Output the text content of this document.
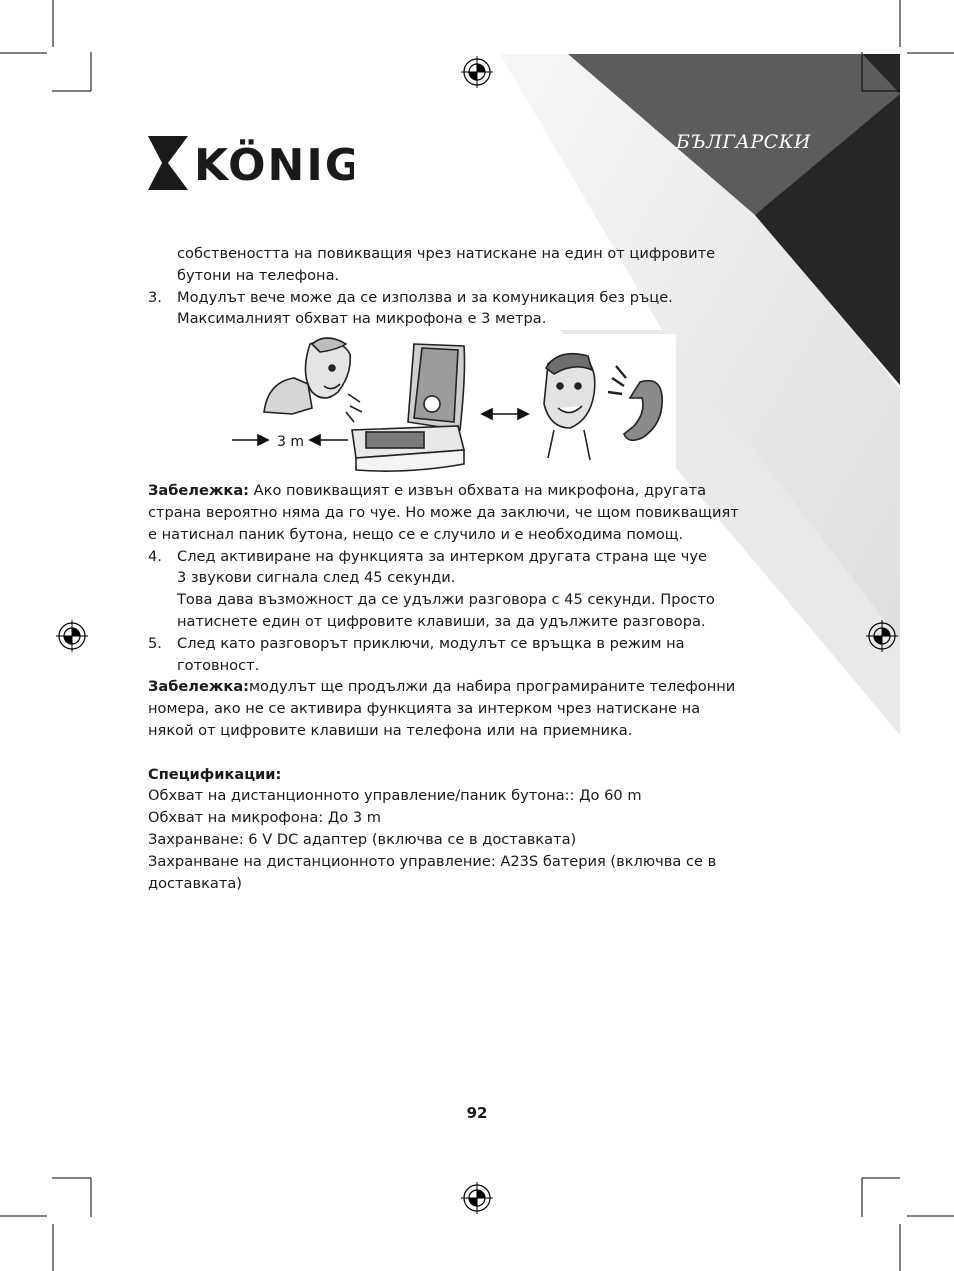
БЪЛГАРСКИ
KÖNIG

собствеността на повикващия чрез натискане на един от цифровите

бутони на телефона.

3. Модулът вече може да се използва и за комуникация без ръце.

Максималният обхват на микрофона е 3 метра.

Забележка: Ако повикващият е извън обхвата на микрофона, другата

страна вероятно няма да го чуе. Но може да заключи, че щом повикващият

е натиснал паник бутона, нещо се е случило и е необходима помощ.

4. След активиране на функцията за интерком другата страна ще чуе

3 звукови сигнала след 45 секунди.

Това дава възможност да се удължи разговора с 45 секунди. Просто

натиснете един от цифровите клавиши, за да удължите разговора.

5. След като разговорът приключи, модулът се връщка в режим на

готовност.

Забележка:модулът ще продължи да набира програмираните телефонни

номера, ако не се активира функцията за интерком чрез натискане на

някой от цифровите клавиши на телефона или на приемника.

Спецификации:

Обхват на дистанционното управление/паник бутона:: До 60 m

Обхват на микрофона: До 3 m

Захранване: 6 V DC адаптер (включва се в доставката)

Захранване на дистанционното управление: A23S батерия (включва се в

доставката)

3 m
92
